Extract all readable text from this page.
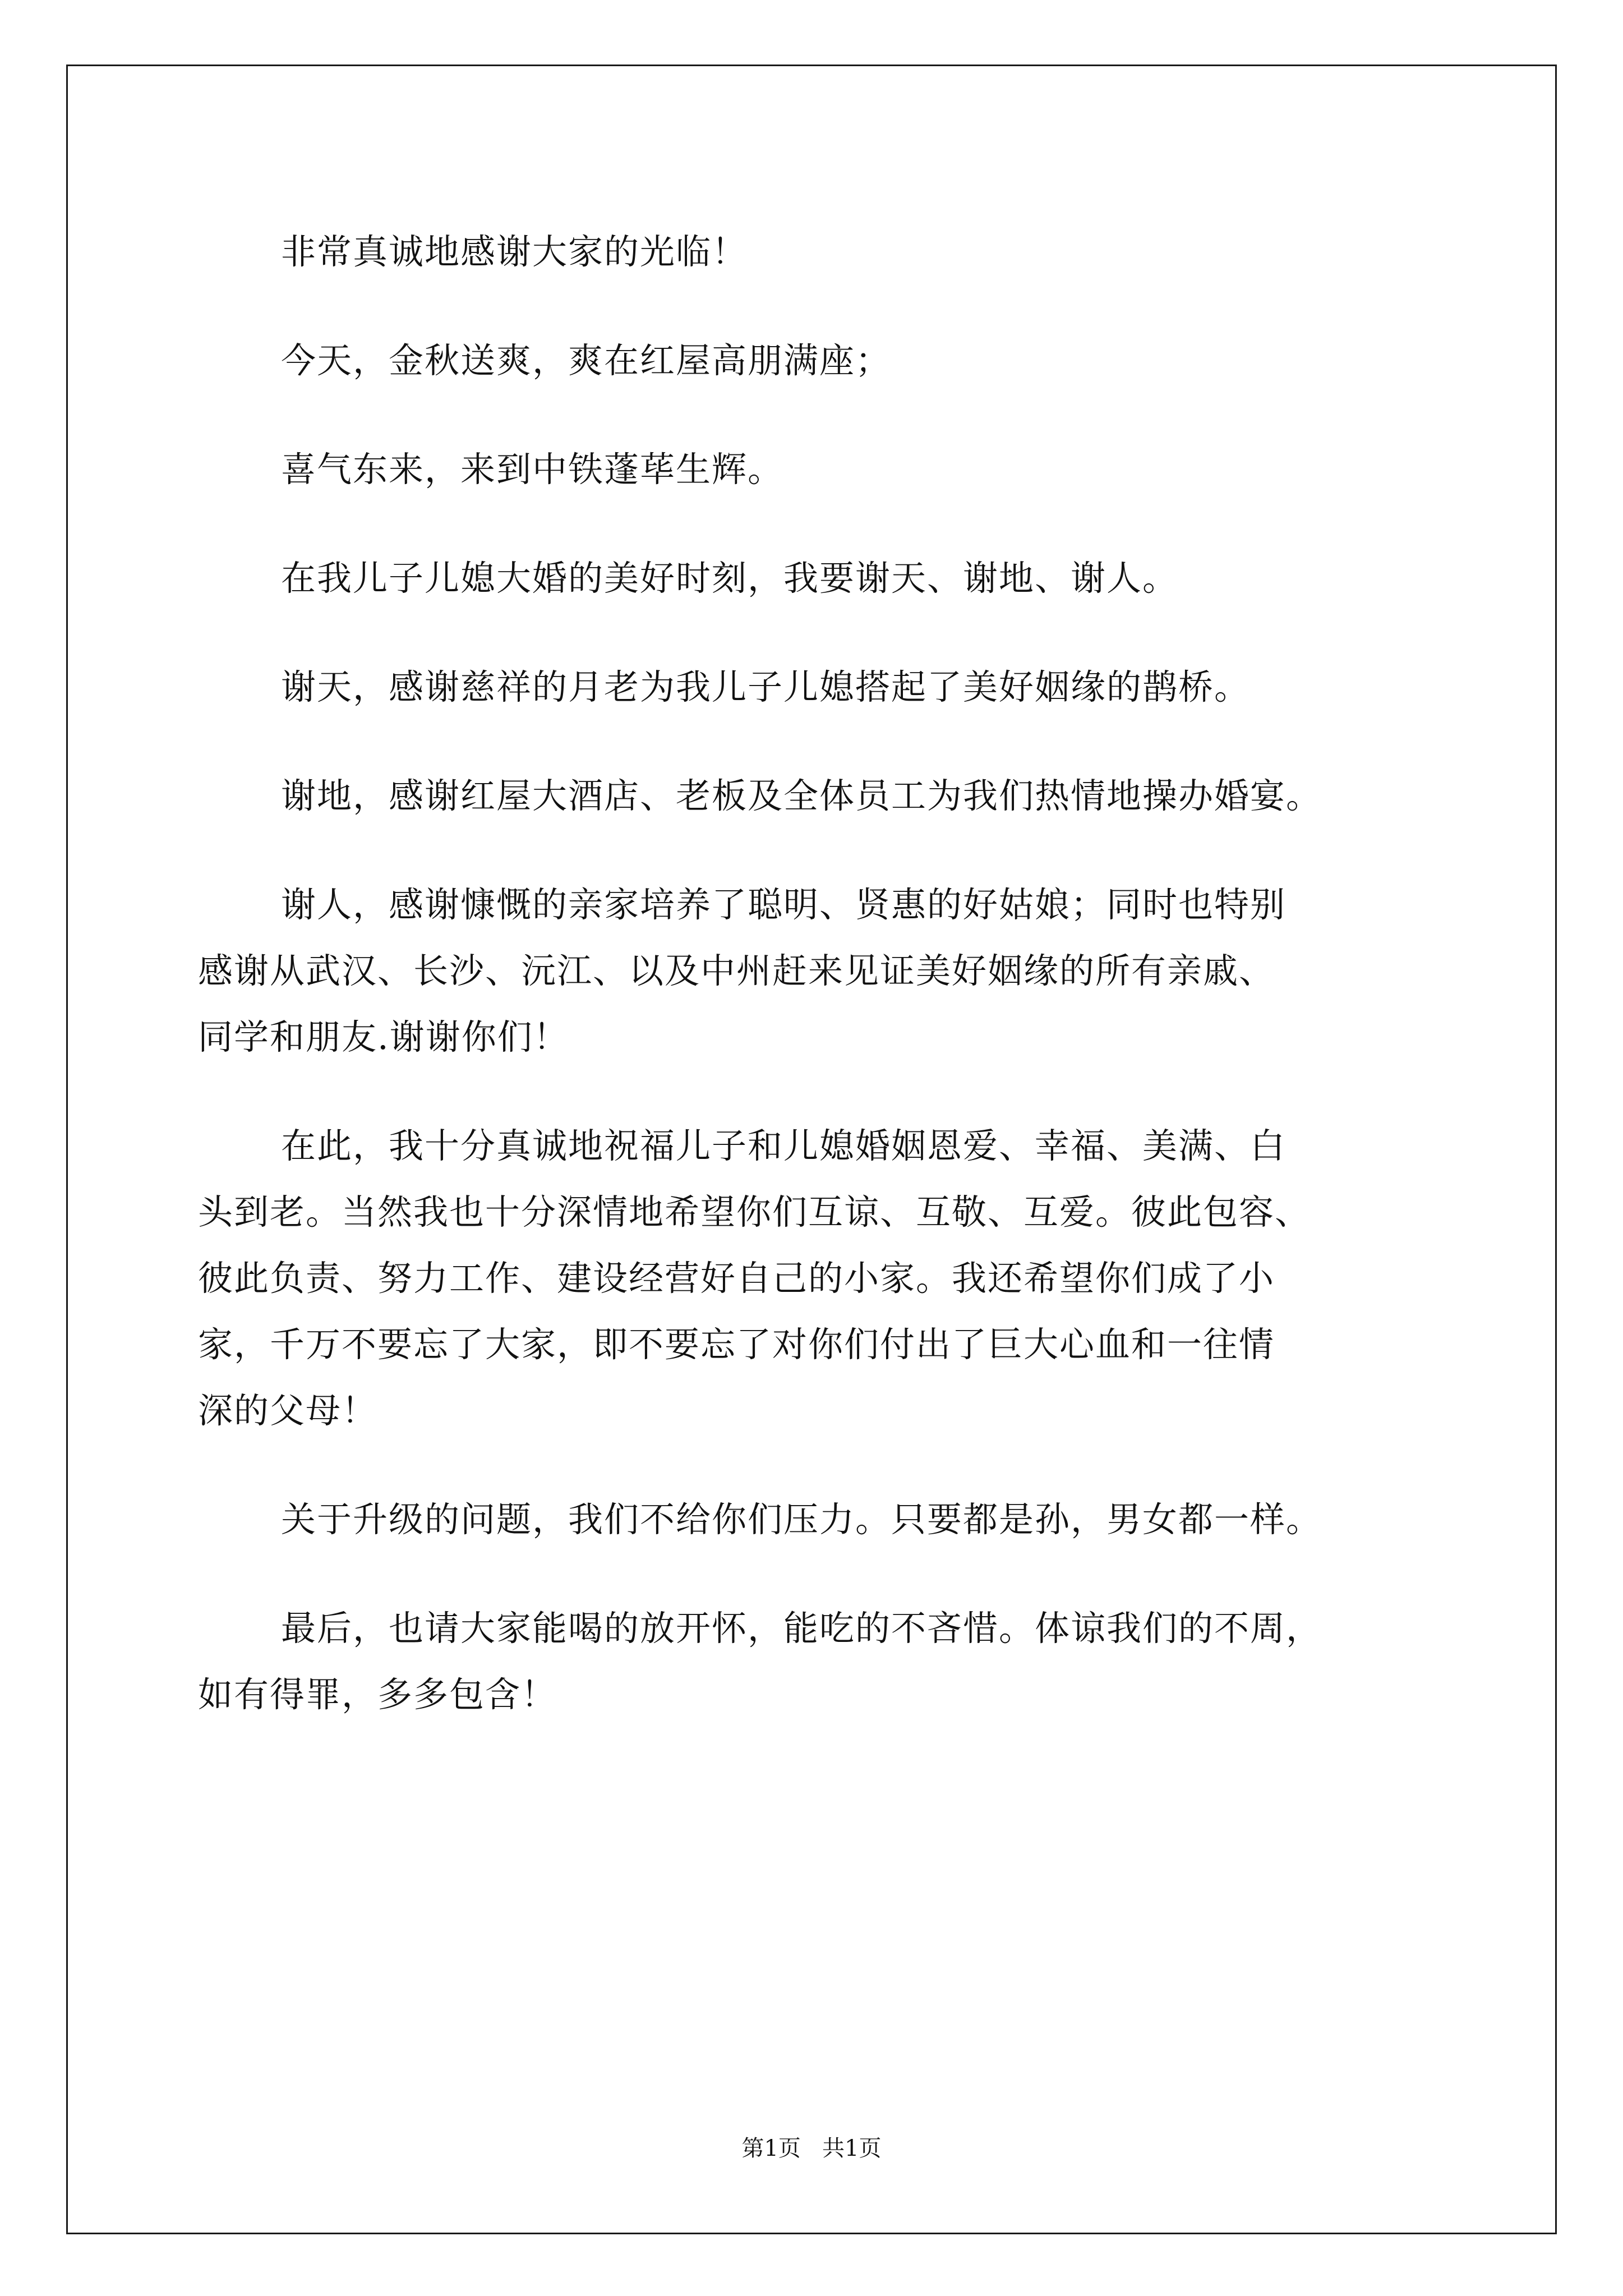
非常真诚地感谢大家的光临！

今天，金秋送爽，爽在红屋高朋满座；

喜气东来，来到中铁蓬荜生辉。

在我儿子儿媳大婚的美好时刻，我要谢天、谢地、谢人。

谢天，感谢慈祥的月老为我儿子儿媳搭起了美好姻缘的鹊桥。

谢地，感谢红屋大酒店、老板及全体员工为我们热情地操办婚宴。

谢人，感谢慷慨的亲家培养了聪明、贤惠的好姑娘；同时也特别
感谢从武汉、长沙、沅江、以及中州赶来见证美好姻缘的所有亲戚、
同学和朋友.谢谢你们！

在此，我十分真诚地祝福儿子和儿媳婚姻恩爱、幸福、美满、白
头到老。当然我也十分深情地希望你们互谅、互敬、互爱。彼此包容、
彼此负责、努力工作、建设经营好自己的小家。我还希望你们成了小
家，千万不要忘了大家，即不要忘了对你们付出了巨大心血和一往情
深的父母！

关于升级的问题，我们不给你们压力。只要都是孙，男女都一样。

最后，也请大家能喝的放开怀，能吃的不吝惜。体谅我们的不周，
如有得罪，多多包含！

第1页   共1页
